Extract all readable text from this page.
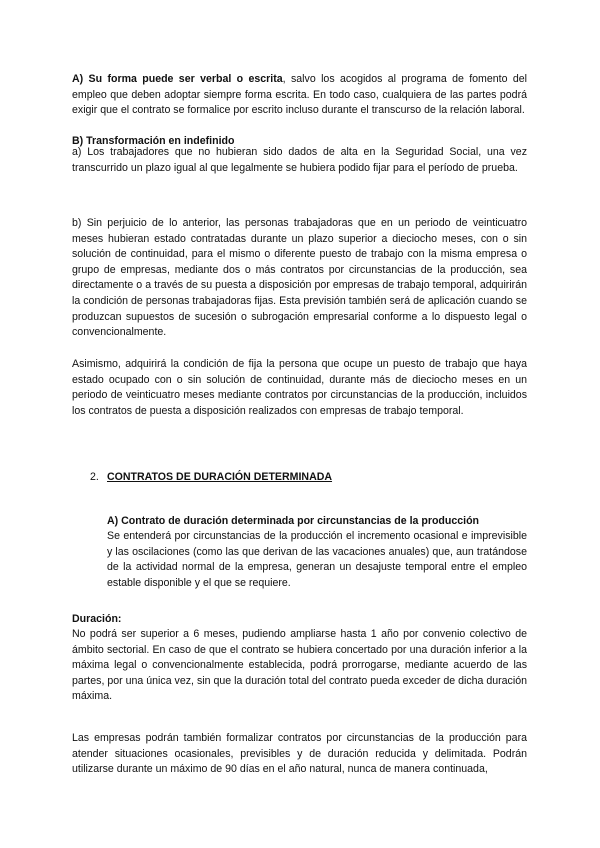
A) Su forma puede ser verbal o escrita, salvo los acogidos al programa de fomento del empleo que deben adoptar siempre forma escrita. En todo caso, cualquiera de las partes podrá exigir que el contrato se formalice por escrito incluso durante el transcurso de la relación laboral.

B) Transformación en indefinido

a) Los trabajadores que no hubieran sido dados de alta en la Seguridad Social, una vez transcurrido un plazo igual al que legalmente se hubiera podido fijar para el período de prueba.

b) Sin perjuicio de lo anterior, las personas trabajadoras que en un periodo de veinticuatro meses hubieran estado contratadas durante un plazo superior a dieciocho meses, con o sin solución de continuidad, para el mismo o diferente puesto de trabajo con la misma empresa o grupo de empresas, mediante dos o más contratos por circunstancias de la producción, sea directamente o a través de su puesta a disposición por empresas de trabajo temporal, adquirirán la condición de personas trabajadoras fijas. Esta previsión también será de aplicación cuando se produzcan supuestos de sucesión o subrogación empresarial conforme a lo dispuesto legal o convencionalmente.

Asimismo, adquirirá la condición de fija la persona que ocupe un puesto de trabajo que haya estado ocupado con o sin solución de continuidad, durante más de dieciocho meses en un periodo de veinticuatro meses mediante contratos por circunstancias de la producción, incluidos los contratos de puesta a disposición realizados con empresas de trabajo temporal.

2. CONTRATOS DE DURACIÓN DETERMINADA

A) Contrato de duración determinada por circunstancias de la producción

Se entenderá por circunstancias de la producción el incremento ocasional e imprevisible y las oscilaciones (como las que derivan de las vacaciones anuales) que, aun tratándose de la actividad normal de la empresa, generan un desajuste temporal entre el empleo estable disponible y el que se requiere.

Duración:

No podrá ser superior a 6 meses, pudiendo ampliarse hasta 1 año por convenio colectivo de ámbito sectorial. En caso de que el contrato se hubiera concertado por una duración inferior a la máxima legal o convencionalmente establecida, podrá prorrogarse, mediante acuerdo de las partes, por una única vez, sin que la duración total del contrato pueda exceder de dicha duración máxima.

Las empresas podrán también formalizar contratos por circunstancias de la producción para atender situaciones ocasionales, previsibles y de duración reducida y delimitada. Podrán utilizarse durante un máximo de 90 días en el año natural, nunca de manera continuada,
